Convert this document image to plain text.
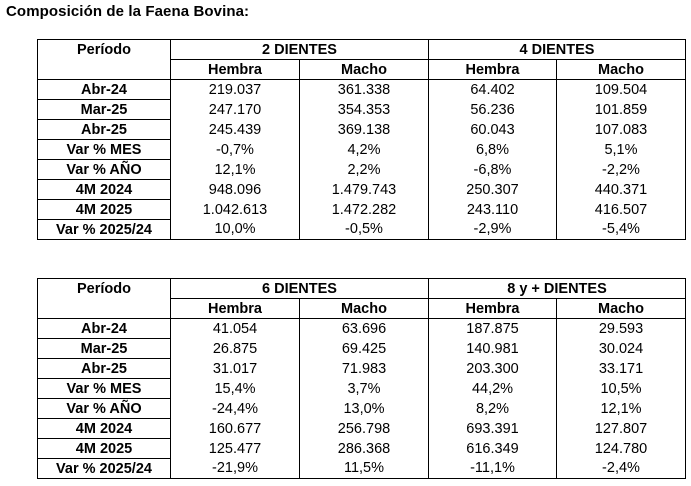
Composición de la Faena Bovina:
Período	2 DIENTES		4 DIENTES	
	Hembra	Macho	Hembra	Macho
Abr-24	219.037	361.338	64.402	109.504
Mar-25	247.170	354.353	56.236	101.859
Abr-25	245.439	369.138	60.043	107.083
Var % MES	-0,7%	4,2%	6,8%	5,1%
Var % AÑO	12,1%	2,2%	-6,8%	-2,2%
4M 2024	948.096	1.479.743	250.307	440.371
4M 2025	1.042.613	1.472.282	243.110	416.507
Var % 2025/24	10,0%	-0,5%	-2,9%	-5,4%
Período	6 DIENTES		8 y + DIENTES	
	Hembra	Macho	Hembra	Macho
Abr-24	41.054	63.696	187.875	29.593
Mar-25	26.875	69.425	140.981	30.024
Abr-25	31.017	71.983	203.300	33.171
Var % MES	15,4%	3,7%	44,2%	10,5%
Var % AÑO	-24,4%	13,0%	8,2%	12,1%
4M 2024	160.677	256.798	693.391	127.807
4M 2025	125.477	286.368	616.349	124.780
Var % 2025/24	-21,9%	11,5%	-11,1%	-2,4%
